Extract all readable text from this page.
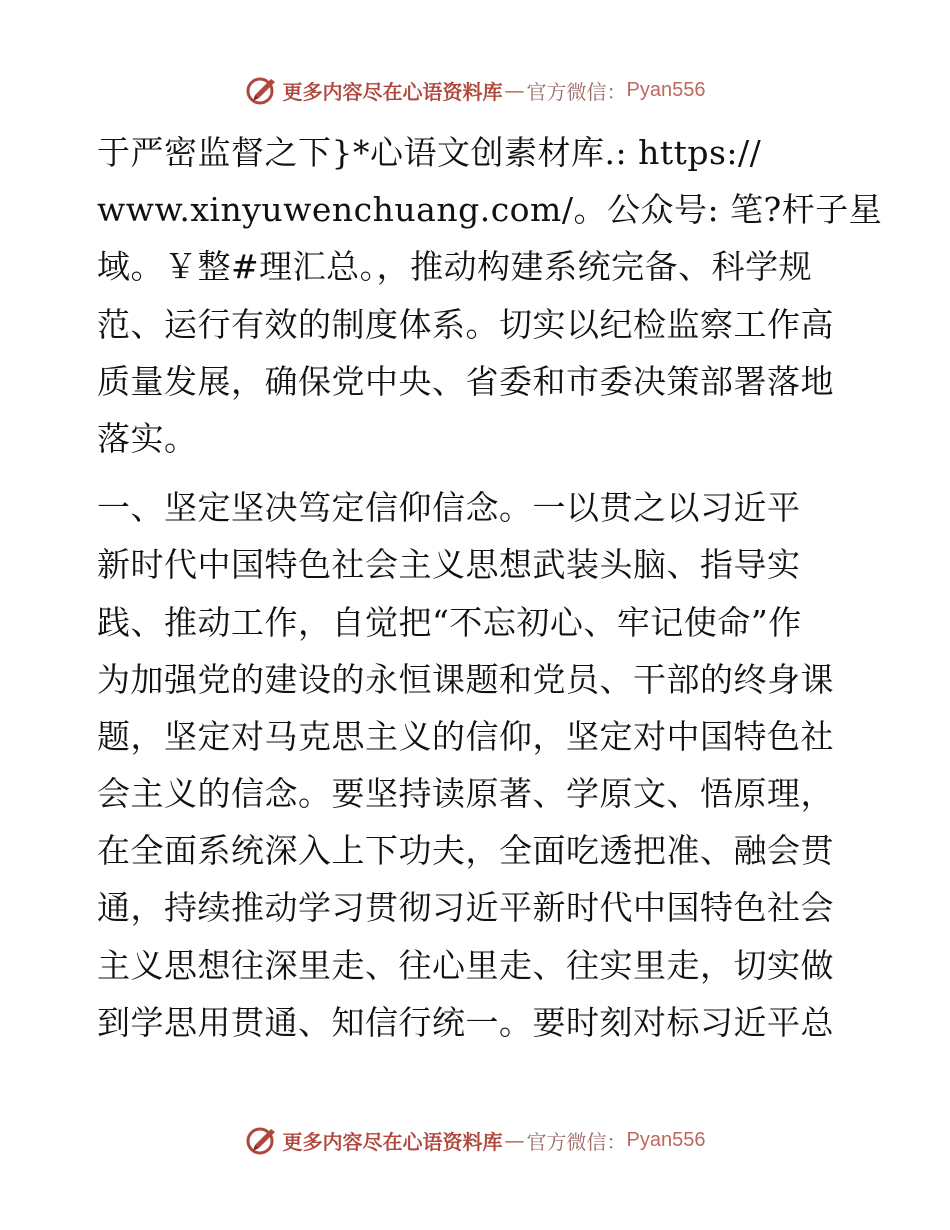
更多内容尽在心语资料库 — 官方微信： Pyan556
于严密监督之下}*心语文创素材库.: https://
www.xinyuwenchuang.com/。公众号: 笔?杆子星
域。￥整#理汇总。，推动构建系统完备、科学规
范、运行有效的制度体系。切实以纪检监察工作高
质量发展，确保党中央、省委和市委决策部署落地
落实。
一、坚定坚决笃定信仰信念。一以贯之以习近平
新时代中国特色社会主义思想武装头脑、指导实
践、推动工作，自觉把“不忘初心、牢记使命”作
为加强党的建设的永恒课题和党员、干部的终身课
题，坚定对马克思主义的信仰，坚定对中国特色社
会主义的信念。要坚持读原著、学原文、悟原理，
在全面系统深入上下功夫，全面吃透把准、融会贯
通，持续推动学习贯彻习近平新时代中国特色社会
主义思想往深里走、往心里走、往实里走，切实做
到学思用贯通、知信行统一。要时刻对标习近平总
更多内容尽在心语资料库 — 官方微信： Pyan556
